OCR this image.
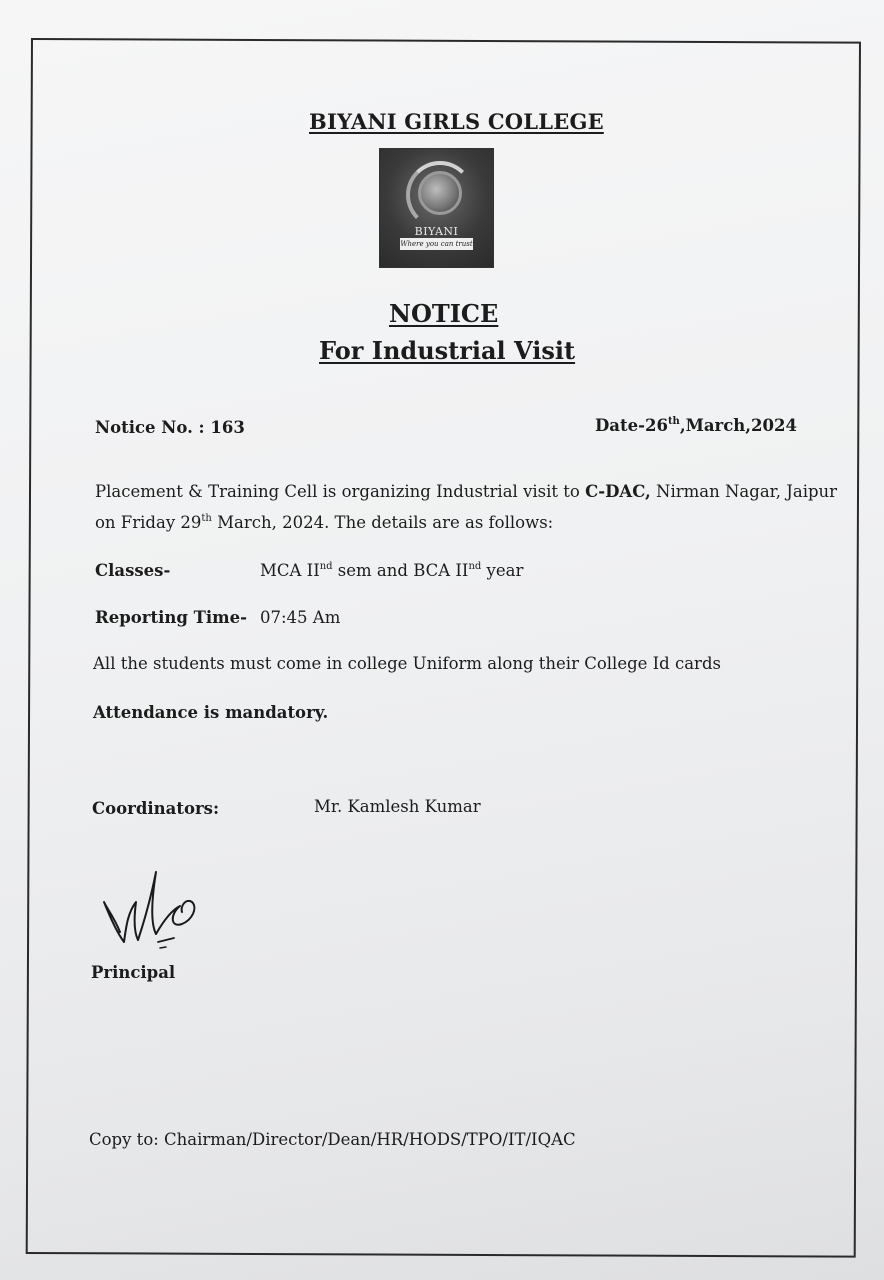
BIYANI GIRLS COLLEGE
BIYANI
Where you can trust
NOTICE
For Industrial Visit
Notice No. : 163	Date-26th,March,2024
Placement & Training Cell is organizing Industrial visit to C-DAC, Nirman Nagar, Jaipur
on Friday 29th March, 2024. The details are as follows:
Classes-	MCA IInd sem and BCA IInd year
Reporting Time- 07:45 Am
All the students must come in college Uniform along their College Id cards
Attendance is mandatory.
Coordinators:	Mr. Kamlesh Kumar
Principal
Copy to: Chairman/Director/Dean/HR/HODS/TPO/IT/IQAC
